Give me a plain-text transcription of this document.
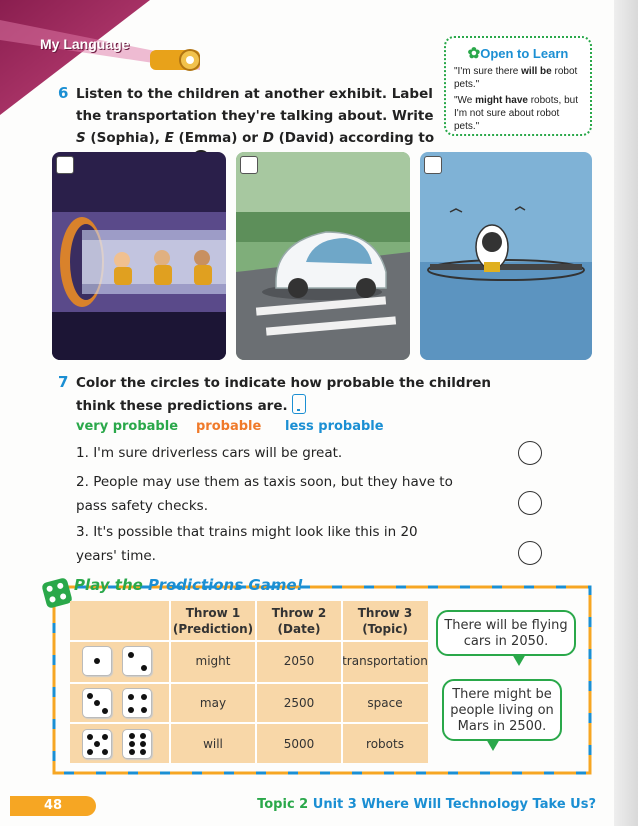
My Language
✿Open to Learn

"I'm sure there will be robot pets."

"We might have robots, but I'm not sure about robot pets."

6 Listen to the children at another exhibit. Label the transportation they're talking about. Write S (Sophia), E (Emma) or D (David) according to
7 Color the circles to indicate how probable the children think these predictions are.
very probable probable less probable
1. I'm sure driverless cars will be great.
2. People may use them as taxis soon, but they have to pass safety checks.
3. It's possible that trains might look like this in 20 years' time.
Play the Predictions Game!
Throw 1 (Prediction)
Throw 2 (Date)
Throw 3 (Topic)
might	2050	transportation
may	2500	space
will	5000	robots
There will be flying cars in 2050.
There might be people living on Mars in 2500.
48	Topic 2 Unit 3 Where Will Technology Take Us?
